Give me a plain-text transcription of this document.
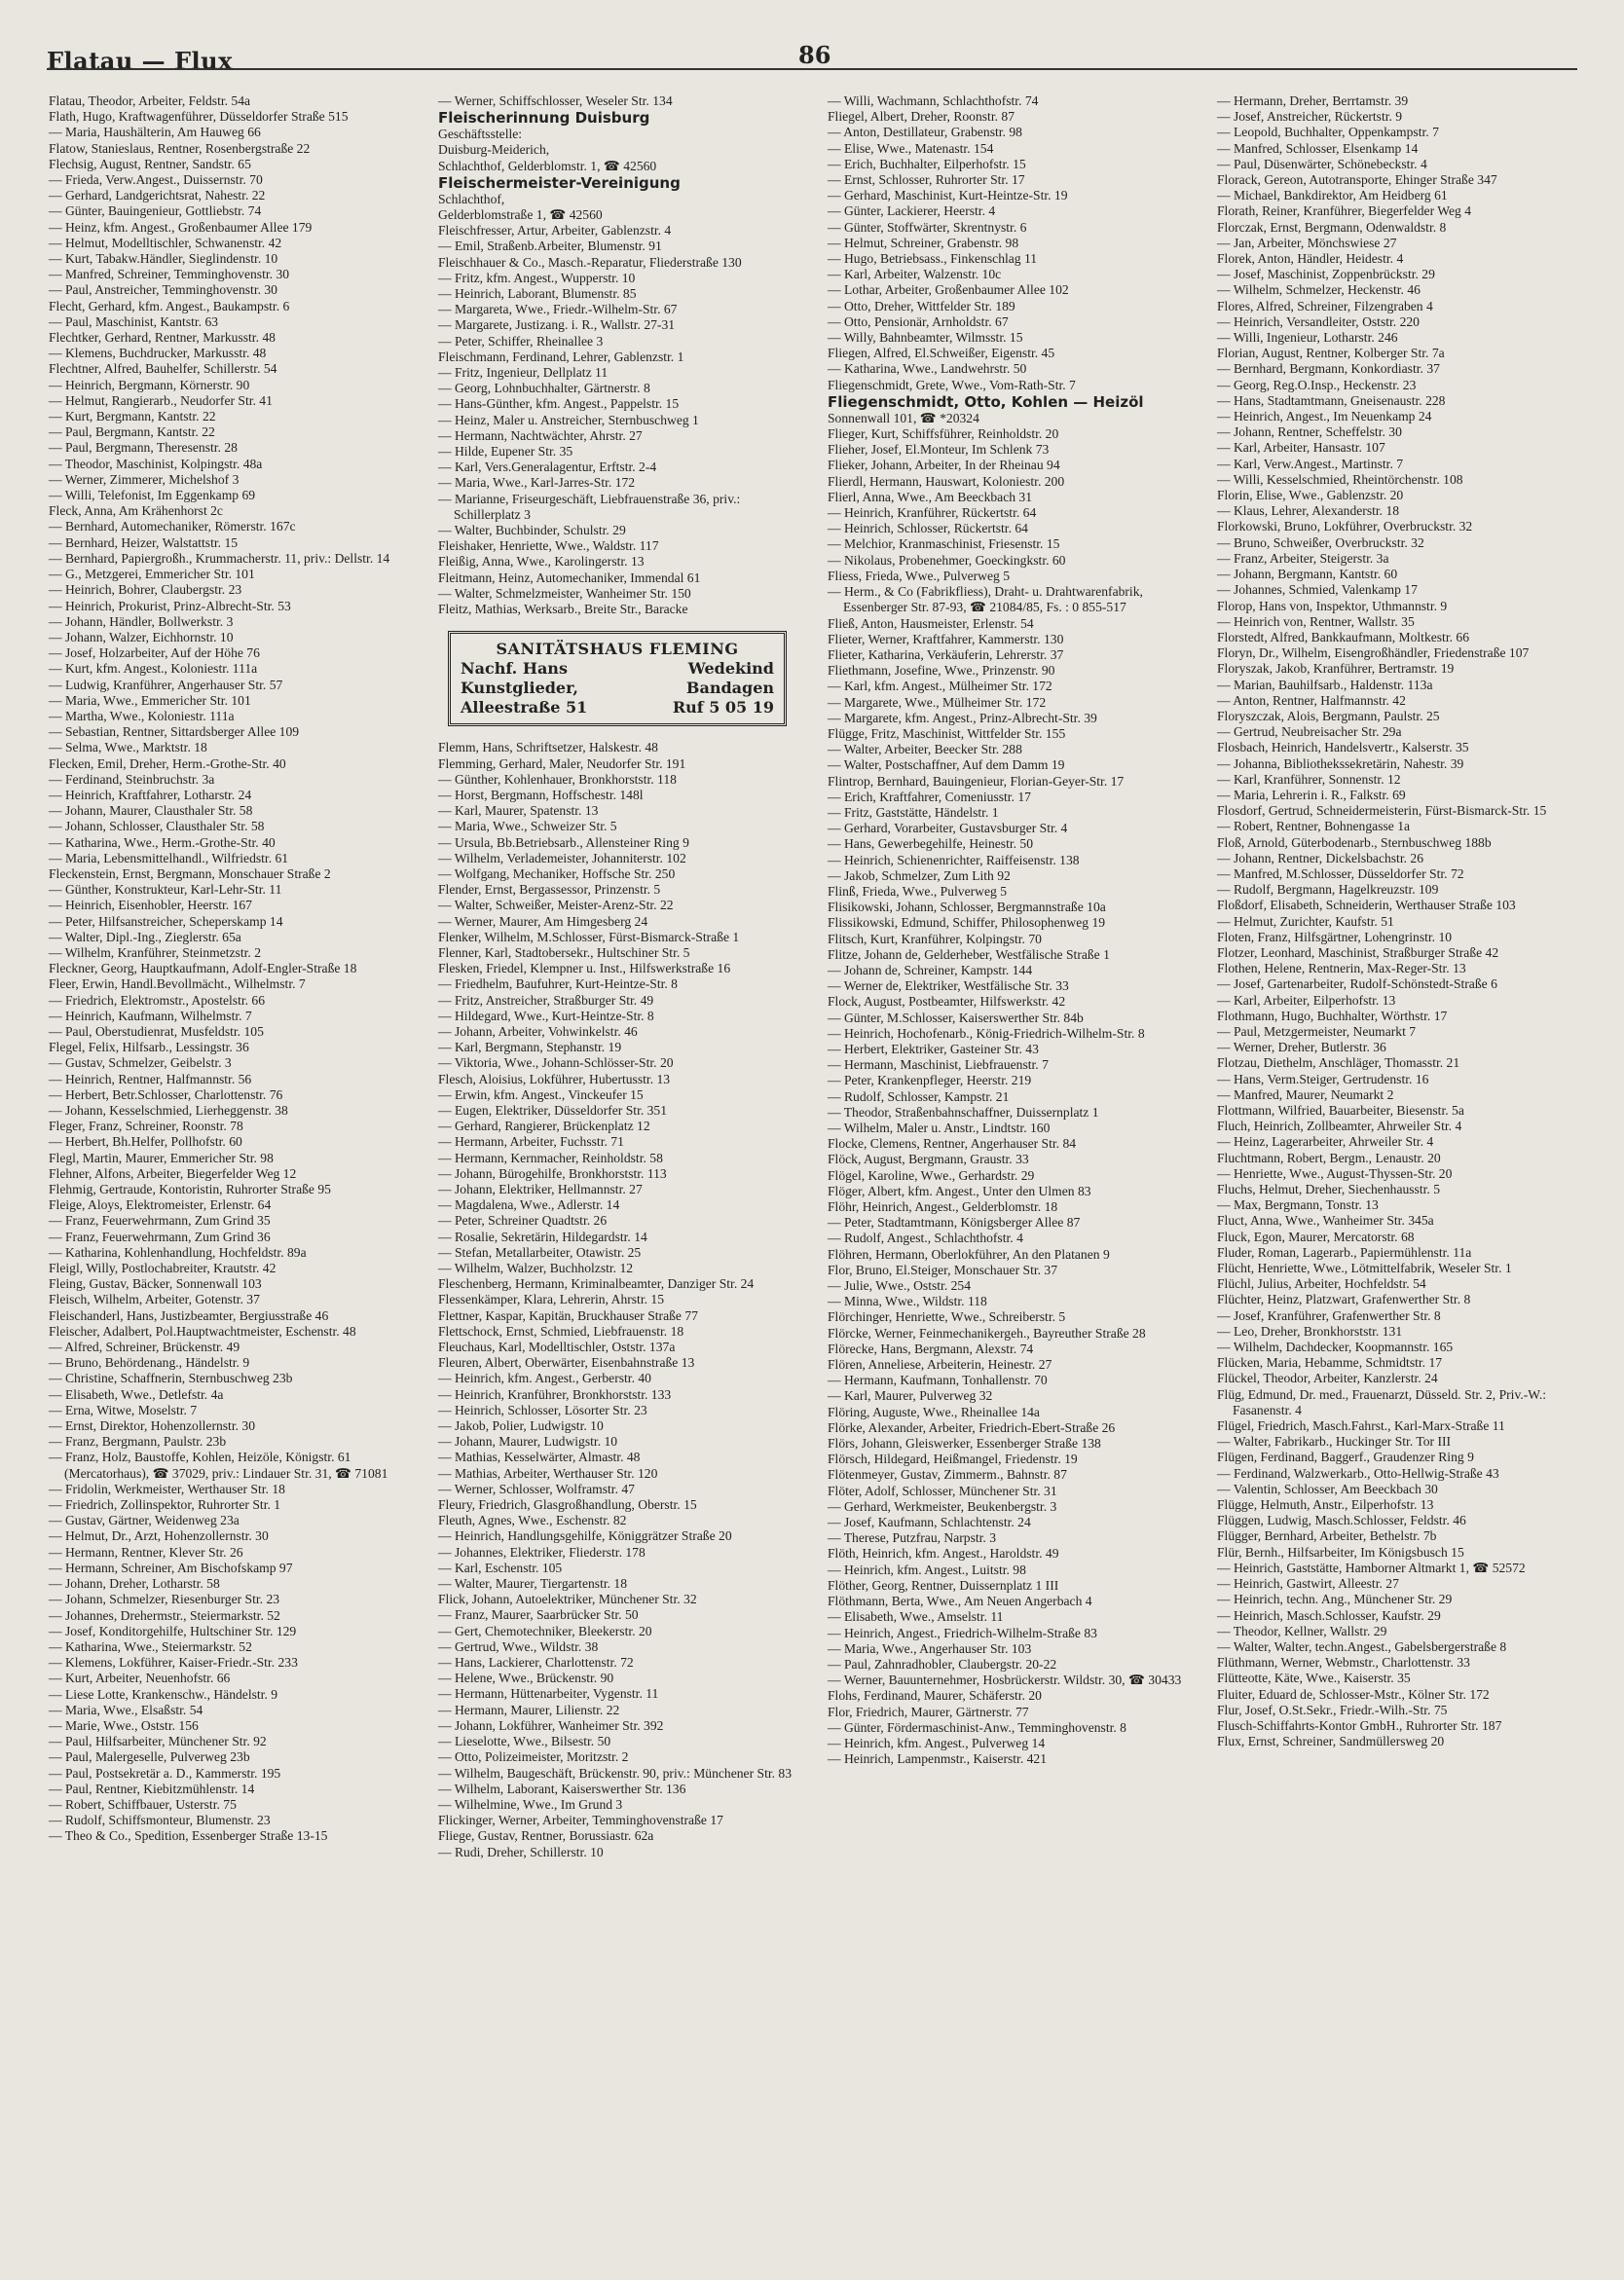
Flatau — Flux	86
Flatau, Theodor, Arbeiter, Feldstr. 54a
Flath, Hugo, Kraftwagenführer, Düsseldorfer Straße 515
— Maria, Haushälterin, Am Hauweg 66
Flatow, Stanieslaus, Rentner, Rosenbergstraße 22
Flechsig, August, Rentner, Sandstr. 65
— Frieda, Verw.Angest., Duissernstr. 70
— Gerhard, Landgerichtsrat, Nahestr. 22
— Günter, Bauingenieur, Gottliebstr. 74
— Heinz, kfm. Angest., Großenbaumer Allee 179
— Helmut, Modelltischler, Schwanenstr. 42
— Kurt, Tabakw.Händler, Sieglindenstr. 10
— Manfred, Schreiner, Temminghovenstr. 30
— Paul, Anstreicher, Temminghovenstr. 30
Flecht, Gerhard, kfm. Angest., Baukampstr. 6
— Paul, Maschinist, Kantstr. 63
Flechtker, Gerhard, Rentner, Markusstr. 48
— Klemens, Buchdrucker, Markusstr. 48
Flechtner, Alfred, Bauhelfer, Schillerstr. 54
— Heinrich, Bergmann, Körnerstr. 90
— Helmut, Rangierarb., Neudorfer Str. 41
— Kurt, Bergmann, Kantstr. 22
— Paul, Bergmann, Kantstr. 22
— Paul, Bergmann, Theresenstr. 28
— Theodor, Maschinist, Kolpingstr. 48a
— Werner, Zimmerer, Michelshof 3
— Willi, Telefonist, Im Eggenkamp 69
Fleck, Anna, Am Krähenhorst 2c
— Bernhard, Automechaniker, Römerstr. 167c
— Bernhard, Heizer, Walstattstr. 15
— Bernhard, Papiergroßh., Krummacherstr. 11, priv.: Dellstr. 14
— G., Metzgerei, Emmericher Str. 101
— Heinrich, Bohrer, Claubergstr. 23
— Heinrich, Prokurist, Prinz-Albrecht-Str. 53
— Johann, Händler, Bollwerkstr. 3
— Johann, Walzer, Eichhornstr. 10
— Josef, Holzarbeiter, Auf der Höhe 76
— Kurt, kfm. Angest., Koloniestr. 111a
— Ludwig, Kranführer, Angerhauser Str. 57
— Maria, Wwe., Emmericher Str. 101
— Martha, Wwe., Koloniestr. 111a
— Sebastian, Rentner, Sittardsberger Allee 109
— Selma, Wwe., Marktstr. 18
Flecken, Emil, Dreher, Herm.-Grothe-Str. 40
— Ferdinand, Steinbruchstr. 3a
— Heinrich, Kraftfahrer, Lotharstr. 24
— Johann, Maurer, Clausthaler Str. 58
— Johann, Schlosser, Clausthaler Str. 58
— Katharina, Wwe., Herm.-Grothe-Str. 40
— Maria, Lebensmittelhandl., Wilfriedstr. 61
Fleckenstein, Ernst, Bergmann, Monschauer Straße 2
— Günther, Konstrukteur, Karl-Lehr-Str. 11
— Heinrich, Eisenhobler, Heerstr. 167
— Peter, Hilfsanstreicher, Scheperskamp 14
— Walter, Dipl.-Ing., Zieglerstr. 65a
— Wilhelm, Kranführer, Steinmetzstr. 2
Fleckner, Georg, Hauptkaufmann, Adolf-Engler-Straße 18
Fleer, Erwin, Handl.Bevollmächt., Wilhelmstr. 7
— Friedrich, Elektromstr., Apostelstr. 66
— Heinrich, Kaufmann, Wilhelmstr. 7
— Paul, Oberstudienrat, Musfeldstr. 105
Flegel, Felix, Hilfsarb., Lessingstr. 36
— Gustav, Schmelzer, Geibelstr. 3
— Heinrich, Rentner, Halfmannstr. 56
— Herbert, Betr.Schlosser, Charlottenstr. 76
— Johann, Kesselschmied, Lierheggenstr. 38
Fleger, Franz, Schreiner, Roonstr. 78
— Herbert, Bh.Helfer, Pollhofstr. 60
Flegl, Martin, Maurer, Emmericher Str. 98
Flehner, Alfons, Arbeiter, Biegerfelder Weg 12
Flehmig, Gertraude, Kontoristin, Ruhrorter Straße 95
Fleige, Aloys, Elektromeister, Erlenstr. 64
— Franz, Feuerwehrmann, Zum Grind 35
— Franz, Feuerwehrmann, Zum Grind 36
— Katharina, Kohlenhandlung, Hochfeldstr. 89a
Fleigl, Willy, Postlochabreiter, Krautstr. 42
Fleing, Gustav, Bäcker, Sonnenwall 103
Fleisch, Wilhelm, Arbeiter, Gotenstr. 37
Fleischanderl, Hans, Justizbeamter, Bergiusstraße 46
Fleischer, Adalbert, Pol.Hauptwachtmeister, Eschenstr. 48
— Alfred, Schreiner, Brückenstr. 49
— Bruno, Behördenang., Händelstr. 9
— Christine, Schaffnerin, Sternbuschweg 23b
— Elisabeth, Wwe., Detlefstr. 4a
— Erna, Witwe, Moselstr. 7
— Ernst, Direktor, Hohenzollernstr. 30
— Franz, Bergmann, Paulstr. 23b
— Franz, Holz, Baustoffe, Kohlen, Heizöle, Königstr. 61 (Mercatorhaus), ☎ 37029, priv.: Lindauer Str. 31, ☎ 71081
— Fridolin, Werkmeister, Werthauser Str. 18
— Friedrich, Zollinspektor, Ruhrorter Str. 1
— Gustav, Gärtner, Weidenweg 23a
— Helmut, Dr., Arzt, Hohenzollernstr. 30
— Hermann, Rentner, Klever Str. 26
— Hermann, Schreiner, Am Bischofskamp 97
— Johann, Dreher, Lotharstr. 58
— Johann, Schmelzer, Riesenburger Str. 23
— Johannes, Drehermstr., Steiermarkstr. 52
— Josef, Konditorgehilfe, Hultschiner Str. 129
— Katharina, Wwe., Steiermarkstr. 52
— Klemens, Lokführer, Kaiser-Friedr.-Str. 233
— Kurt, Arbeiter, Neuenhofstr. 66
— Liese Lotte, Krankenschw., Händelstr. 9
— Maria, Wwe., Elsaßstr. 54
— Marie, Wwe., Oststr. 156
— Paul, Hilfsarbeiter, Münchener Str. 92
— Paul, Malergeselle, Pulverweg 23b
— Paul, Postsekretär a. D., Kammerstr. 195
— Paul, Rentner, Kiebitzmühlenstr. 14
— Robert, Schiffbauer, Usterstr. 75
— Rudolf, Schiffsmonteur, Blumenstr. 23
— Theo & Co., Spedition, Essenberger Straße 13-15
— Werner, Schiffschlosser, Weseler Str. 134
Fleischerinnung Duisburg
Geschäftsstelle:
Duisburg-Meiderich,
Schlachthof, Gelderblomstr. 1, ☎ 42560
Fleischermeister-Vereinigung
Schlachthof,
Gelderblomstraße 1, ☎ 42560
Fleischfresser, Artur, Arbeiter, Gablenzstr. 4
— Emil, Straßenb.Arbeiter, Blumenstr. 91
Fleischhauer & Co., Masch.-Reparatur, Fliederstraße 130
— Fritz, kfm. Angest., Wupperstr. 10
— Heinrich, Laborant, Blumenstr. 85
— Margareta, Wwe., Friedr.-Wilhelm-Str. 67
— Margarete, Justizang. i. R., Wallstr. 27-31
— Peter, Schiffer, Rheinallee 3
Fleischmann, Ferdinand, Lehrer, Gablenzstr. 1
— Fritz, Ingenieur, Dellplatz 11
— Georg, Lohnbuchhalter, Gärtnerstr. 8
— Hans-Günther, kfm. Angest., Pappelstr. 15
— Heinz, Maler u. Anstreicher, Sternbuschweg 1
— Hermann, Nachtwächter, Ahrstr. 27
— Hilde, Eupener Str. 35
— Karl, Vers.Generalagentur, Erftstr. 2-4
— Maria, Wwe., Karl-Jarres-Str. 172
— Marianne, Friseurgeschäft, Liebfrauenstraße 36, priv.: Schillerplatz 3
— Walter, Buchbinder, Schulstr. 29
Fleishaker, Henriette, Wwe., Waldstr. 117
Fleißig, Anna, Wwe., Karolingerstr. 13
Fleitmann, Heinz, Automechaniker, Immendal 61
— Walter, Schmelzmeister, Wanheimer Str. 150
Fleitz, Mathias, Werksarb., Breite Str., Baracke
SANITÄTSHAUS FLEMING
Nachf. Hans	Wedekind
Kunstglieder,	Bandagen
Alleestraße 51	Ruf 5 05 19
Flemm, Hans, Schriftsetzer, Halskestr. 48
Flemming, Gerhard, Maler, Neudorfer Str. 191
— Günther, Kohlenhauer, Bronkhorststr. 118
— Horst, Bergmann, Hoffschestr. 148l
— Karl, Maurer, Spatenstr. 13
— Maria, Wwe., Schweizer Str. 5
— Ursula, Bb.Betriebsarb., Allensteiner Ring 9
— Wilhelm, Verlademeister, Johanniterstr. 102
— Wolfgang, Mechaniker, Hoffsche Str. 250
Flender, Ernst, Bergassessor, Prinzenstr. 5
— Walter, Schweißer, Meister-Arenz-Str. 22
— Werner, Maurer, Am Himgesberg 24
Flenker, Wilhelm, M.Schlosser, Fürst-Bismarck-Straße 1
Flenner, Karl, Stadtobersekr., Hultschiner Str. 5
Flesken, Friedel, Klempner u. Inst., Hilfswerkstraße 16
— Friedhelm, Baufuhrer, Kurt-Heintze-Str. 8
— Fritz, Anstreicher, Straßburger Str. 49
— Hildegard, Wwe., Kurt-Heintze-Str. 8
— Johann, Arbeiter, Vohwinkelstr. 46
— Karl, Bergmann, Stephanstr. 19
— Viktoria, Wwe., Johann-Schlösser-Str. 20
Flesch, Aloisius, Lokführer, Hubertusstr. 13
— Erwin, kfm. Angest., Vinckeufer 15
— Eugen, Elektriker, Düsseldorfer Str. 351
— Gerhard, Rangierer, Brückenplatz 12
— Hermann, Arbeiter, Fuchsstr. 71
— Hermann, Kernmacher, Reinholdstr. 58
— Johann, Bürogehilfe, Bronkhorststr. 113
— Johann, Elektriker, Hellmannstr. 27
— Magdalena, Wwe., Adlerstr. 14
— Peter, Schreiner Quadtstr. 26
— Rosalie, Sekretärin, Hildegardstr. 14
— Stefan, Metallarbeiter, Otawistr. 25
— Wilhelm, Walzer, Buchholzstr. 12
Fleschenberg, Hermann, Kriminalbeamter, Danziger Str. 24
Flessenkämper, Klara, Lehrerin, Ahrstr. 15
Flettner, Kaspar, Kapitän, Bruckhauser Straße 77
Flettschock, Ernst, Schmied, Liebfrauenstr. 18
Fleuchaus, Karl, Modelltischler, Oststr. 137a
Fleuren, Albert, Oberwärter, Eisenbahnstraße 13
— Heinrich, kfm. Angest., Gerberstr. 40
— Heinrich, Kranführer, Bronkhorststr. 133
— Heinrich, Schlosser, Lösorter Str. 23
— Jakob, Polier, Ludwigstr. 10
— Johann, Maurer, Ludwigstr. 10
— Mathias, Kesselwärter, Almastr. 48
— Mathias, Arbeiter, Werthauser Str. 120
— Werner, Schlosser, Wolframstr. 47
Fleury, Friedrich, Glasgroßhandlung, Oberstr. 15
Fleuth, Agnes, Wwe., Eschenstr. 82
— Heinrich, Handlungsgehilfe, Königgrätzer Straße 20
— Johannes, Elektriker, Fliederstr. 178
— Karl, Eschenstr. 105
— Walter, Maurer, Tiergartenstr. 18
Flick, Johann, Autoelektriker, Münchener Str. 32
— Franz, Maurer, Saarbrücker Str. 50
— Gert, Chemotechniker, Bleekerstr. 20
— Gertrud, Wwe., Wildstr. 38
— Hans, Lackierer, Charlottenstr. 72
— Helene, Wwe., Brückenstr. 90
— Hermann, Hüttenarbeiter, Vygenstr. 11
— Hermann, Maurer, Lilienstr. 22
— Johann, Lokführer, Wanheimer Str. 392
— Lieselotte, Wwe., Bilsestr. 50
— Otto, Polizeimeister, Moritzstr. 2
— Wilhelm, Baugeschäft, Brückenstr. 90, priv.: Münchener Str. 83
— Wilhelm, Laborant, Kaiserswerther Str. 136
— Wilhelmine, Wwe., Im Grund 3
Flickinger, Werner, Arbeiter, Temminghovenstraße 17
Fliege, Gustav, Rentner, Borussiastr. 62a
— Rudi, Dreher, Schillerstr. 10
— Willi, Wachmann, Schlachthofstr. 74
Fliegel, Albert, Dreher, Roonstr. 87
— Anton, Destillateur, Grabenstr. 98
— Elise, Wwe., Matenastr. 154
— Erich, Buchhalter, Eilperhofstr. 15
— Ernst, Schlosser, Ruhrorter Str. 17
— Gerhard, Maschinist, Kurt-Heintze-Str. 19
— Günter, Lackierer, Heerstr. 4
— Günter, Stoffwärter, Skrentnystr. 6
— Helmut, Schreiner, Grabenstr. 98
— Hugo, Betriebsass., Finkenschlag 11
— Karl, Arbeiter, Walzenstr. 10c
— Lothar, Arbeiter, Großenbaumer Allee 102
— Otto, Dreher, Wittfelder Str. 189
— Otto, Pensionär, Arnholdstr. 67
— Willy, Bahnbeamter, Wilmsstr. 15
Fliegen, Alfred, El.Schweißer, Eigenstr. 45
— Katharina, Wwe., Landwehrstr. 50
Fliegenschmidt, Grete, Wwe., Vom-Rath-Str. 7
Fliegenschmidt, Otto, Kohlen — Heizöl
Sonnenwall 101, ☎ *20324
Flieger, Kurt, Schiffsführer, Reinholdstr. 20
Flieher, Josef, El.Monteur, Im Schlenk 73
Flieker, Johann, Arbeiter, In der Rheinau 94
Flierdl, Hermann, Hauswart, Koloniestr. 200
Flierl, Anna, Wwe., Am Beeckbach 31
— Heinrich, Kranführer, Rückertstr. 64
— Heinrich, Schlosser, Rückertstr. 64
— Melchior, Kranmaschinist, Friesenstr. 15
— Nikolaus, Probenehmer, Goeckingkstr. 60
Fliess, Frieda, Wwe., Pulverweg 5
— Herm., & Co (Fabrikfliess), Draht- u. Drahtwarenfabrik, Essenberger Str. 87-93, ☎ 21084/85, Fs. : 0 855-517
Fließ, Anton, Hausmeister, Erlenstr. 54
Flieter, Werner, Kraftfahrer, Kammerstr. 130
Flieter, Katharina, Verkäuferin, Lehrerstr. 37
Fliethmann, Josefine, Wwe., Prinzenstr. 90
— Karl, kfm. Angest., Mülheimer Str. 172
— Margarete, Wwe., Mülheimer Str. 172
— Margarete, kfm. Angest., Prinz-Albrecht-Str. 39
Flügge, Fritz, Maschinist, Wittfelder Str. 155
— Walter, Arbeiter, Beecker Str. 288
— Walter, Postschaffner, Auf dem Damm 19
Flintrop, Bernhard, Bauingenieur, Florian-Geyer-Str. 17
— Erich, Kraftfahrer, Comeniusstr. 17
— Fritz, Gaststätte, Händelstr. 1
— Gerhard, Vorarbeiter, Gustavsburger Str. 4
— Hans, Gewerbegehilfe, Heinestr. 50
— Heinrich, Schienenrichter, Raiffeisenstr. 138
— Jakob, Schmelzer, Zum Lith 92
Flinß, Frieda, Wwe., Pulverweg 5
Flisikowski, Johann, Schlosser, Bergmannstraße 10a
Flissikowski, Edmund, Schiffer, Philosophenweg 19
Flitsch, Kurt, Kranführer, Kolpingstr. 70
Flitze, Johann de, Gelderheber, Westfälische Straße 1
— Johann de, Schreiner, Kampstr. 144
— Werner de, Elektriker, Westfälische Str. 33
Flock, August, Postbeamter, Hilfswerkstr. 42
— Günter, M.Schlosser, Kaiserswerther Str. 84b
— Heinrich, Hochofenarb., König-Friedrich-Wilhelm-Str. 8
— Herbert, Elektriker, Gasteiner Str. 43
— Hermann, Maschinist, Liebfrauenstr. 7
— Peter, Krankenpfleger, Heerstr. 219
— Rudolf, Schlosser, Kampstr. 21
— Theodor, Straßenbahnschaffner, Duissernplatz 1
— Wilhelm, Maler u. Anstr., Lindtstr. 160
Flocke, Clemens, Rentner, Angerhauser Str. 84
Flöck, August, Bergmann, Graustr. 33
Flögel, Karoline, Wwe., Gerhardstr. 29
Flöger, Albert, kfm. Angest., Unter den Ulmen 83
Flöhr, Heinrich, Angest., Gelderblomstr. 18
— Peter, Stadtamtmann, Königsberger Allee 87
— Rudolf, Angest., Schlachthofstr. 4
Flöhren, Hermann, Oberlokführer, An den Platanen 9
Flor, Bruno, El.Steiger, Monschauer Str. 37
— Julie, Wwe., Oststr. 254
— Minna, Wwe., Wildstr. 118
Flörchinger, Henriette, Wwe., Schreiberstr. 5
Flörcke, Werner, Feinmechanikergeh., Bayreuther Straße 28
Flörecke, Hans, Bergmann, Alexstr. 74
Flören, Anneliese, Arbeiterin, Heinestr. 27
— Hermann, Kaufmann, Tonhallenstr. 70
— Karl, Maurer, Pulverweg 32
Flöring, Auguste, Wwe., Rheinallee 14a
Flörke, Alexander, Arbeiter, Friedrich-Ebert-Straße 26
Flörs, Johann, Gleiswerker, Essenberger Straße 138
Flörsch, Hildegard, Heißmangel, Friedenstr. 19
Flötenmeyer, Gustav, Zimmerm., Bahnstr. 87
Flöter, Adolf, Schlosser, Münchener Str. 31
— Gerhard, Werkmeister, Beukenbergstr. 3
— Josef, Kaufmann, Schlachtenstr. 24
— Therese, Putzfrau, Narpstr. 3
Flöth, Heinrich, kfm. Angest., Haroldstr. 49
— Heinrich, kfm. Angest., Luitstr. 98
Flöther, Georg, Rentner, Duissernplatz 1 III
Flöthmann, Berta, Wwe., Am Neuen Angerbach 4
— Elisabeth, Wwe., Amselstr. 11
— Heinrich, Angest., Friedrich-Wilhelm-Straße 83
— Maria, Wwe., Angerhauser Str. 103
— Paul, Zahnradhobler, Claubergstr. 20-22
— Werner, Bauunternehmer, Hosbrückerstr. Wildstr. 30, ☎ 30433
Flohs, Ferdinand, Maurer, Schäferstr. 20
Flor, Friedrich, Maurer, Gärtnerstr. 77
— Günter, Fördermaschinist-Anw., Temminghovenstr. 8
— Heinrich, kfm. Angest., Pulverweg 14
— Heinrich, Lampenmstr., Kaiserstr. 421
— Hermann, Dreher, Berrtamstr. 39
— Josef, Anstreicher, Rückertstr. 9
— Leopold, Buchhalter, Oppenkampstr. 7
— Manfred, Schlosser, Elsenkamp 14
— Paul, Düsenwärter, Schönebeckstr. 4
Florack, Gereon, Autotransporte, Ehinger Straße 347
— Michael, Bankdirektor, Am Heidberg 61
Florath, Reiner, Kranführer, Biegerfelder Weg 4
Florczak, Ernst, Bergmann, Odenwaldstr. 8
— Jan, Arbeiter, Mönchswiese 27
Florek, Anton, Händler, Heidestr. 4
— Josef, Maschinist, Zoppenbrückstr. 29
— Wilhelm, Schmelzer, Heckenstr. 46
Flores, Alfred, Schreiner, Filzengraben 4
— Heinrich, Versandleiter, Oststr. 220
— Willi, Ingenieur, Lotharstr. 246
Florian, August, Rentner, Kolberger Str. 7a
— Bernhard, Bergmann, Konkordiastr. 37
— Georg, Reg.O.Insp., Heckenstr. 23
— Hans, Stadtamtmann, Gneisenaustr. 228
— Heinrich, Angest., Im Neuenkamp 24
— Johann, Rentner, Scheffelstr. 30
— Karl, Arbeiter, Hansastr. 107
— Karl, Verw.Angest., Martinstr. 7
— Willi, Kesselschmied, Rheintörchenstr. 108
Florin, Elise, Wwe., Gablenzstr. 20
— Klaus, Lehrer, Alexanderstr. 18
Florkowski, Bruno, Lokführer, Overbruckstr. 32
— Bruno, Schweißer, Overbruckstr. 32
— Franz, Arbeiter, Steigerstr. 3a
— Johann, Bergmann, Kantstr. 60
— Johannes, Schmied, Valenkamp 17
Florop, Hans von, Inspektor, Uthmannstr. 9
— Heinrich von, Rentner, Wallstr. 35
Florstedt, Alfred, Bankkaufmann, Moltkestr. 66
Floryn, Dr., Wilhelm, Eisengroßhändler, Friedenstraße 107
Floryszak, Jakob, Kranführer, Bertramstr. 19
— Marian, Bauhilfsarb., Haldenstr. 113a
— Anton, Rentner, Halfmannstr. 42
Floryszczak, Alois, Bergmann, Paulstr. 25
— Gertrud, Neubreisacher Str. 29a
Flosbach, Heinrich, Handelsvertr., Kalserstr. 35
— Johanna, Bibliothekssekretärin, Nahestr. 39
— Karl, Kranführer, Sonnenstr. 12
— Maria, Lehrerin i. R., Falkstr. 69
Flosdorf, Gertrud, Schneidermeisterin, Fürst-Bismarck-Str. 15
— Robert, Rentner, Bohnengasse 1a
Floß, Arnold, Güterbodenarb., Sternbuschweg 188b
— Johann, Rentner, Dickelsbachstr. 26
— Manfred, M.Schlosser, Düsseldorfer Str. 72
— Rudolf, Bergmann, Hagelkreuzstr. 109
Floßdorf, Elisabeth, Schneiderin, Werthauser Straße 103
— Helmut, Zurichter, Kaufstr. 51
Floten, Franz, Hilfsgärtner, Lohengrinstr. 10
Flotzer, Leonhard, Maschinist, Straßburger Straße 42
Flothen, Helene, Rentnerin, Max-Reger-Str. 13
— Josef, Gartenarbeiter, Rudolf-Schönstedt-Straße 6
— Karl, Arbeiter, Eilperhofstr. 13
Flothmann, Hugo, Buchhalter, Wörthstr. 17
— Paul, Metzgermeister, Neumarkt 7
— Werner, Dreher, Butlerstr. 36
Flotzau, Diethelm, Anschläger, Thomasstr. 21
— Hans, Verm.Steiger, Gertrudenstr. 16
— Manfred, Maurer, Neumarkt 2
Flottmann, Wilfried, Bauarbeiter, Biesenstr. 5a
Fluch, Heinrich, Zollbeamter, Ahrweiler Str. 4
— Heinz, Lagerarbeiter, Ahrweiler Str. 4
Fluchtmann, Robert, Bergm., Lenaustr. 20
— Henriette, Wwe., August-Thyssen-Str. 20
Fluchs, Helmut, Dreher, Siechenhausstr. 5
— Max, Bergmann, Tonstr. 13
Fluct, Anna, Wwe., Wanheimer Str. 345a
Fluck, Egon, Maurer, Mercatorstr. 68
Fluder, Roman, Lagerarb., Papiermühlenstr. 11a
Flücht, Henriette, Wwe., Lötmittelfabrik, Weseler Str. 1
Flüchl, Julius, Arbeiter, Hochfeldstr. 54
Flüchter, Heinz, Platzwart, Grafenwerther Str. 8
— Josef, Kranführer, Grafenwerther Str. 8
— Leo, Dreher, Bronkhorststr. 131
— Wilhelm, Dachdecker, Koopmannstr. 165
Flücken, Maria, Hebamme, Schmidtstr. 17
Flückel, Theodor, Arbeiter, Kanzlerstr. 24
Flüg, Edmund, Dr. med., Frauenarzt, Düsseld. Str. 2, Priv.-W.: Fasanenstr. 4
Flügel, Friedrich, Masch.Fahrst., Karl-Marx-Straße 11
— Walter, Fabrikarb., Huckinger Str. Tor III
Flügen, Ferdinand, Baggerf., Graudenzer Ring 9
— Ferdinand, Walzwerkarb., Otto-Hellwig-Straße 43
— Valentin, Schlosser, Am Beeckbach 30
Flügge, Helmuth, Anstr., Eilperhofstr. 13
Flüggen, Ludwig, Masch.Schlosser, Feldstr. 46
Flügger, Bernhard, Arbeiter, Bethelstr. 7b
Flür, Bernh., Hilfsarbeiter, Im Königsbusch 15
— Heinrich, Gaststätte, Hamborner Altmarkt 1, ☎ 52572
— Heinrich, Gastwirt, Alleestr. 27
— Heinrich, techn. Ang., Münchener Str. 29
— Heinrich, Masch.Schlosser, Kaufstr. 29
— Theodor, Kellner, Wallstr. 29
— Walter, Walter, techn.Angest., Gabelsbergerstraße 8
Flüthmann, Werner, Webmstr., Charlottenstr. 33
Flütteotte, Käte, Wwe., Kaiserstr. 35
Fluiter, Eduard de, Schlosser-Mstr., Kölner Str. 172
Flur, Josef, O.St.Sekr., Friedr.-Wilh.-Str. 75
Flusch-Schiffahrts-Kontor GmbH., Ruhrorter Str. 187
Flux, Ernst, Schreiner, Sandmüllersweg 20
